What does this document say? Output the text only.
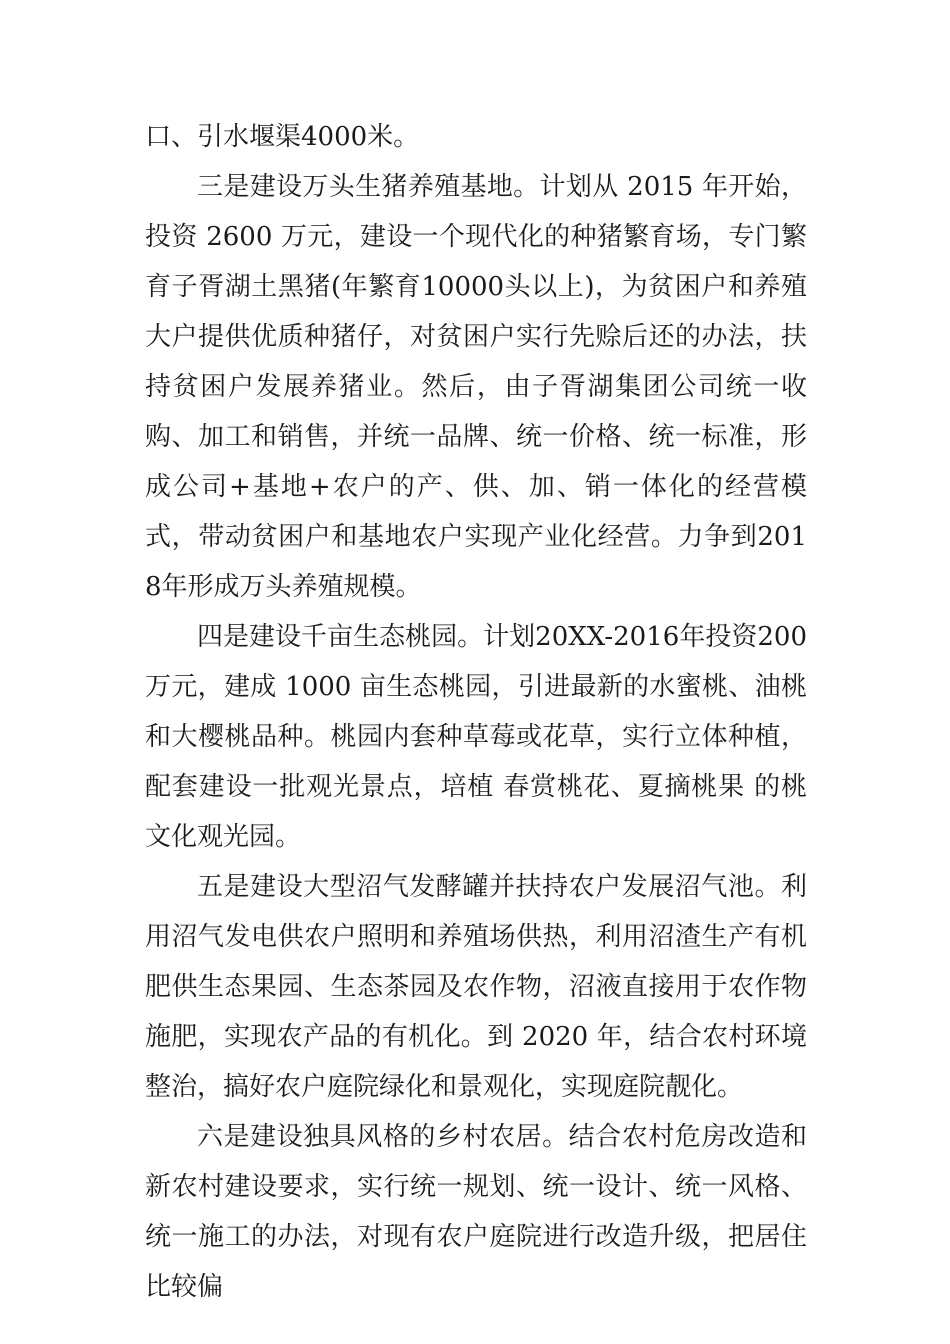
口、引水堰渠4000米。

三是建设万头生猪养殖基地。计划从 2015 年开始，投资 2600 万元，建设一个现代化的种猪繁育场，专门繁育子胥湖土黑猪(年繁育10000头以上)，为贫困户和养殖大户提供优质种猪仔，对贫困户实行先赊后还的办法，扶持贫困户发展养猪业。然后，由子胥湖集团公司统一收购、加工和销售，并统一品牌、统一价格、统一标准，形成公司+基地+农户的产、供、加、销一体化的经营模式，带动贫困户和基地农户实现产业化经营。力争到2018年形成万头养殖规模。

四是建设千亩生态桃园。计划20XX-2016年投资200万元，建成 1000 亩生态桃园，引进最新的水蜜桃、油桃和大樱桃品种。桃园内套种草莓或花草，实行立体种植，配套建设一批观光景点，培植 春赏桃花、夏摘桃果 的桃文化观光园。

五是建设大型沼气发酵罐并扶持农户发展沼气池。利用沼气发电供农户照明和养殖场供热，利用沼渣生产有机肥供生态果园、生态茶园及农作物，沼液直接用于农作物施肥，实现农产品的有机化。到 2020 年，结合农村环境整治，搞好农户庭院绿化和景观化，实现庭院靓化。

六是建设独具风格的乡村农居。结合农村危房改造和新农村建设要求，实行统一规划、统一设计、统一风格、统一施工的办法，对现有农户庭院进行改造升级，把居住比较偏
